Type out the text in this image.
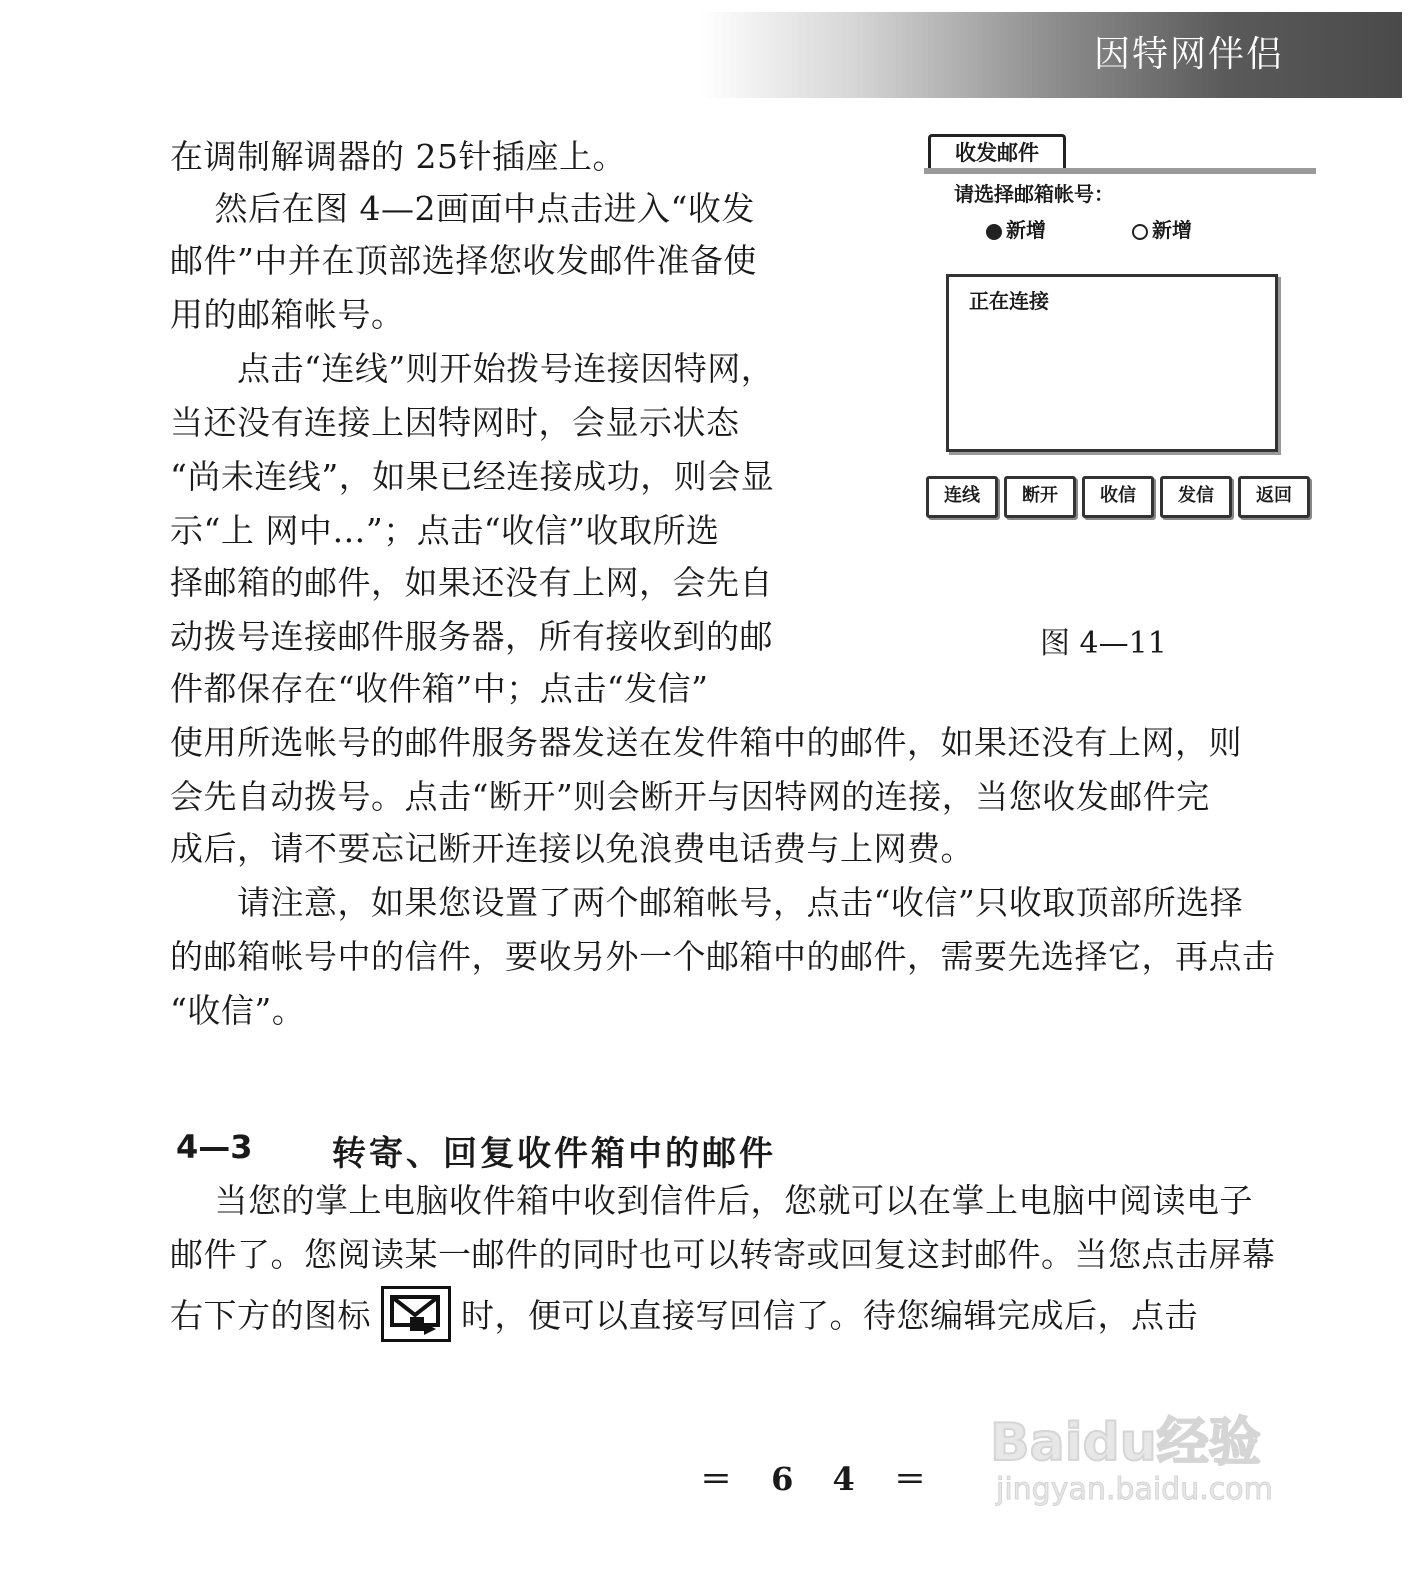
因特网伴侣
在调制解调器的 25针插座上。
　 然后在图 4—2画面中点击进入“收发
邮件”中并在顶部选择您收发邮件准备使
用的邮箱帐号。
　　点击“连线”则开始拨号连接因特网，
当还没有连接上因特网时，会显示状态
“尚未连线”，如果已经连接成功，则会显
示“上 网中…”；点击“收信”收取所选
择邮箱的邮件，如果还没有上网，会先自
动拨号连接邮件服务器，所有接收到的邮
件都保存在“收件箱”中；点击“发信”
使用所选帐号的邮件服务器发送在发件箱中的邮件，如果还没有上网，则
会先自动拨号。点击“断开”则会断开与因特网的连接，当您收发邮件完
成后，请不要忘记断开连接以免浪费电话费与上网费。
　　请注意，如果您设置了两个邮箱帐号，点击“收信”只收取顶部所选择
的邮箱帐号中的信件，要收另外一个邮箱中的邮件，需要先选择它，再点击
“收信”。
收发邮件
请选择邮箱帐号：
新增	新增
正在连接
连线	断开	收信	发信	返回
图 4—11
4—3 转寄、回复收件箱中的邮件
　 当您的掌上电脑收件箱中收到信件后，您就可以在掌上电脑中阅读电子
邮件了。您阅读某一邮件的同时也可以转寄或回复这封邮件。当您点击屏幕
右下方的图标	时，便可以直接写回信了。待您编辑完成后，点击
＝ 6 4 ＝
Baidu经验
jingyan.baidu.com
